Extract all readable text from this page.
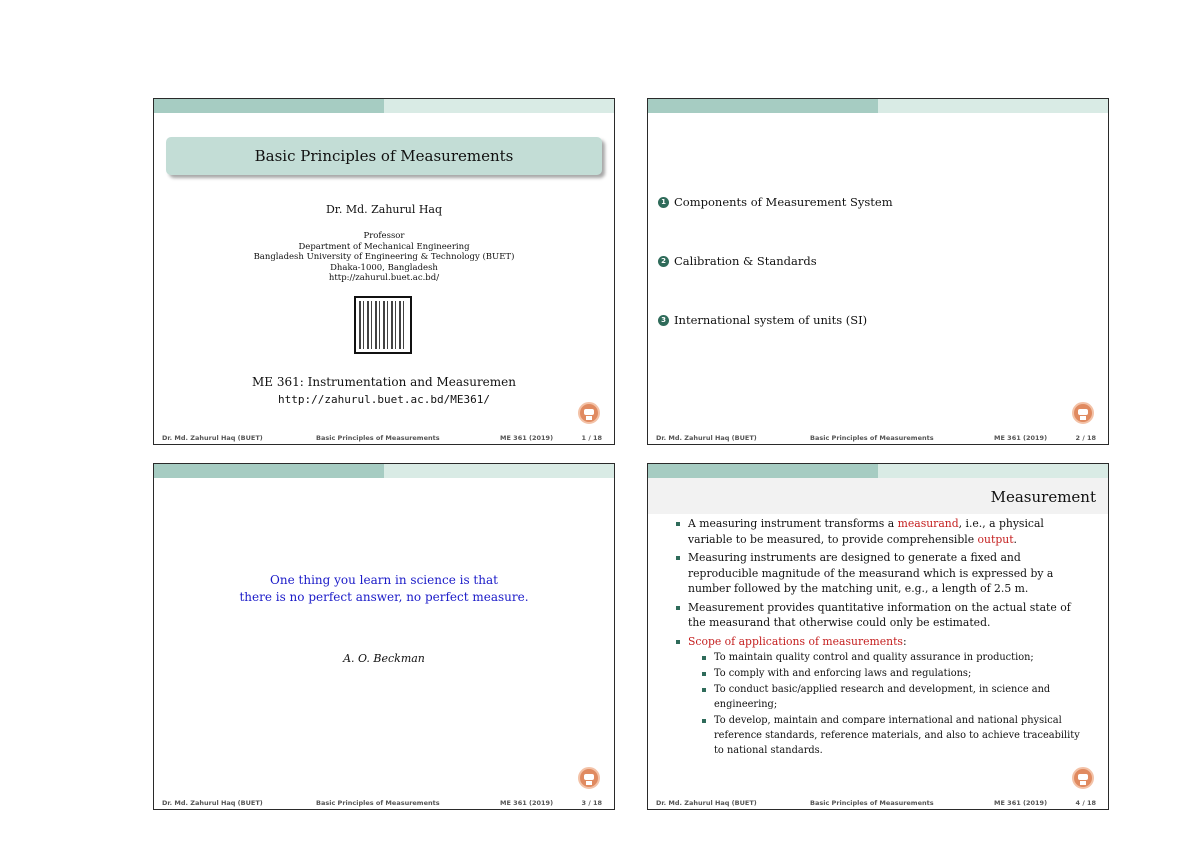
Basic Principles of Measurements
Dr. Md. Zahurul Haq
Professor
Department of Mechanical Engineering
Bangladesh University of Engineering & Technology (BUET)
Dhaka-1000, Bangladesh
http://zahurul.buet.ac.bd/
ME 361: Instrumentation and Measuremen
http://zahurul.buet.ac.bd/ME361/
Dr. Md. Zahurul Haq (BUET)	Basic Principles of Measurements	ME 361 (2019)	1 / 18
1 Components of Measurement System
2 Calibration & Standards
3 International system of units (SI)
Dr. Md. Zahurul Haq (BUET)	Basic Principles of Measurements	ME 361 (2019)	2 / 18
One thing you learn in science is that
there is no perfect answer, no perfect measure.
A. O. Beckman
Dr. Md. Zahurul Haq (BUET)	Basic Principles of Measurements	ME 361 (2019)	3 / 18
Measurement
A measuring instrument transforms a measurand, i.e., a physical variable to be measured, to provide comprehensible output.
Measuring instruments are designed to generate a fixed and reproducible magnitude of the measurand which is expressed by a number followed by the matching unit, e.g., a length of 2.5 m.
Measurement provides quantitative information on the actual state of the measurand that otherwise could only be estimated.
Scope of applications of measurements:
To maintain quality control and quality assurance in production;
To comply with and enforcing laws and regulations;
To conduct basic/applied research and development, in science and engineering;
To develop, maintain and compare international and national physical reference standards, reference materials, and also to achieve traceability to national standards.
Dr. Md. Zahurul Haq (BUET)	Basic Principles of Measurements	ME 361 (2019)	4 / 18
